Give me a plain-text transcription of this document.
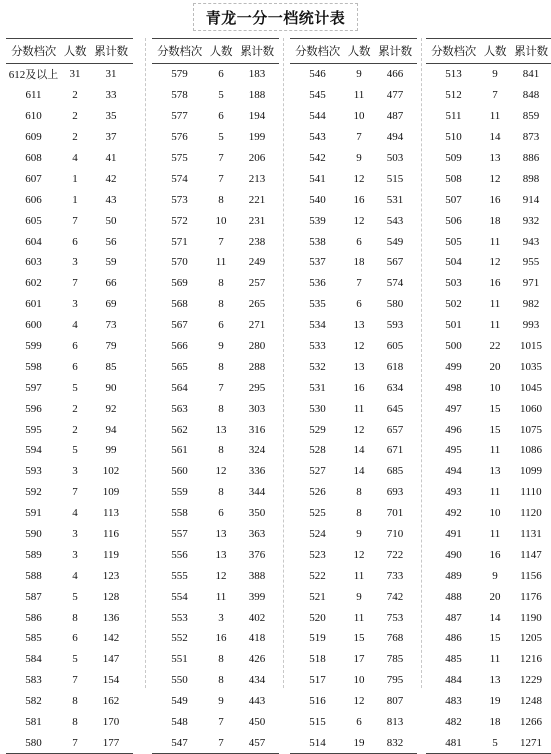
青龙一分一档统计表
分数档次	人数	累计数
612及以上	31	31
611	2	33
610	2	35
609	2	37
608	4	41
607	1	42
606	1	43
605	7	50
604	6	56
603	3	59
602	7	66
601	3	69
600	4	73
599	6	79
598	6	85
597	5	90
596	2	92
595	2	94
594	5	99
593	3	102
592	7	109
591	4	113
590	3	116
589	3	119
588	4	123
587	5	128
586	8	136
585	6	142
584	5	147
583	7	154
582	8	162
581	8	170
580	7	177
分数档次	人数	累计数
579	6	183
578	5	188
577	6	194
576	5	199
575	7	206
574	7	213
573	8	221
572	10	231
571	7	238
570	11	249
569	8	257
568	8	265
567	6	271
566	9	280
565	8	288
564	7	295
563	8	303
562	13	316
561	8	324
560	12	336
559	8	344
558	6	350
557	13	363
556	13	376
555	12	388
554	11	399
553	3	402
552	16	418
551	8	426
550	8	434
549	9	443
548	7	450
547	7	457
分数档次	人数	累计数
546	9	466
545	11	477
544	10	487
543	7	494
542	9	503
541	12	515
540	16	531
539	12	543
538	6	549
537	18	567
536	7	574
535	6	580
534	13	593
533	12	605
532	13	618
531	16	634
530	11	645
529	12	657
528	14	671
527	14	685
526	8	693
525	8	701
524	9	710
523	12	722
522	11	733
521	9	742
520	11	753
519	15	768
518	17	785
517	10	795
516	12	807
515	6	813
514	19	832
分数档次	人数	累计数
513	9	841
512	7	848
511	11	859
510	14	873
509	13	886
508	12	898
507	16	914
506	18	932
505	11	943
504	12	955
503	16	971
502	11	982
501	11	993
500	22	1015
499	20	1035
498	10	1045
497	15	1060
496	15	1075
495	11	1086
494	13	1099
493	11	1110
492	10	1120
491	11	1131
490	16	1147
489	9	1156
488	20	1176
487	14	1190
486	15	1205
485	11	1216
484	13	1229
483	19	1248
482	18	1266
481	5	1271
